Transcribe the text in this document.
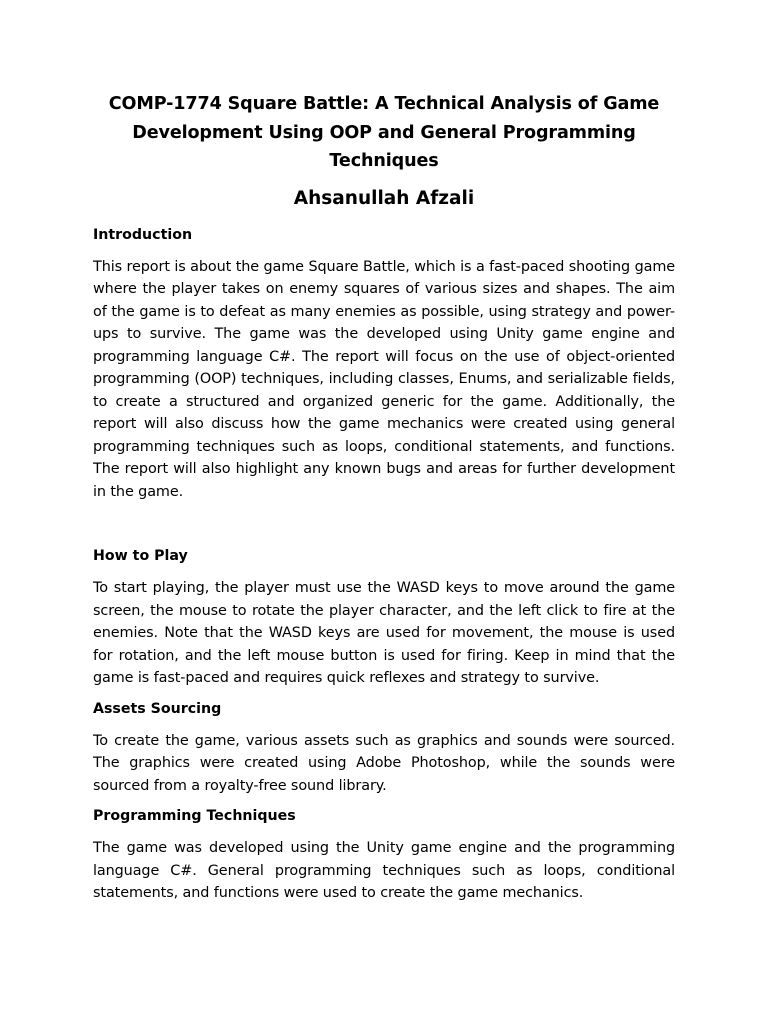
COMP-1774 Square Battle: A Technical Analysis of Game Development Using OOP and General Programming Techniques
Ahsanullah Afzali
Introduction

This report is about the game Square Battle, which is a fast-paced shooting game where the player takes on enemy squares of various sizes and shapes. The aim of the game is to defeat as many enemies as possible, using strategy and power-ups to survive. The game was the developed using Unity game engine and programming language C#. The report will focus on the use of object-oriented programming (OOP) techniques, including classes, Enums, and serializable fields, to create a structured and organized generic for the game. Additionally, the report will also discuss how the game mechanics were created using general programming techniques such as loops, conditional statements, and functions. The report will also highlight any known bugs and areas for further development in the game.

How to Play

To start playing, the player must use the WASD keys to move around the game screen, the mouse to rotate the player character, and the left click to fire at the enemies. Note that the WASD keys are used for movement, the mouse is used for rotation, and the left mouse button is used for firing. Keep in mind that the game is fast-paced and requires quick reflexes and strategy to survive.

Assets Sourcing

To create the game, various assets such as graphics and sounds were sourced. The graphics were created using Adobe Photoshop, while the sounds were sourced from a royalty-free sound library.

Programming Techniques

The game was developed using the Unity game engine and the programming language C#. General programming techniques such as loops, conditional statements, and functions were used to create the game mechanics.
